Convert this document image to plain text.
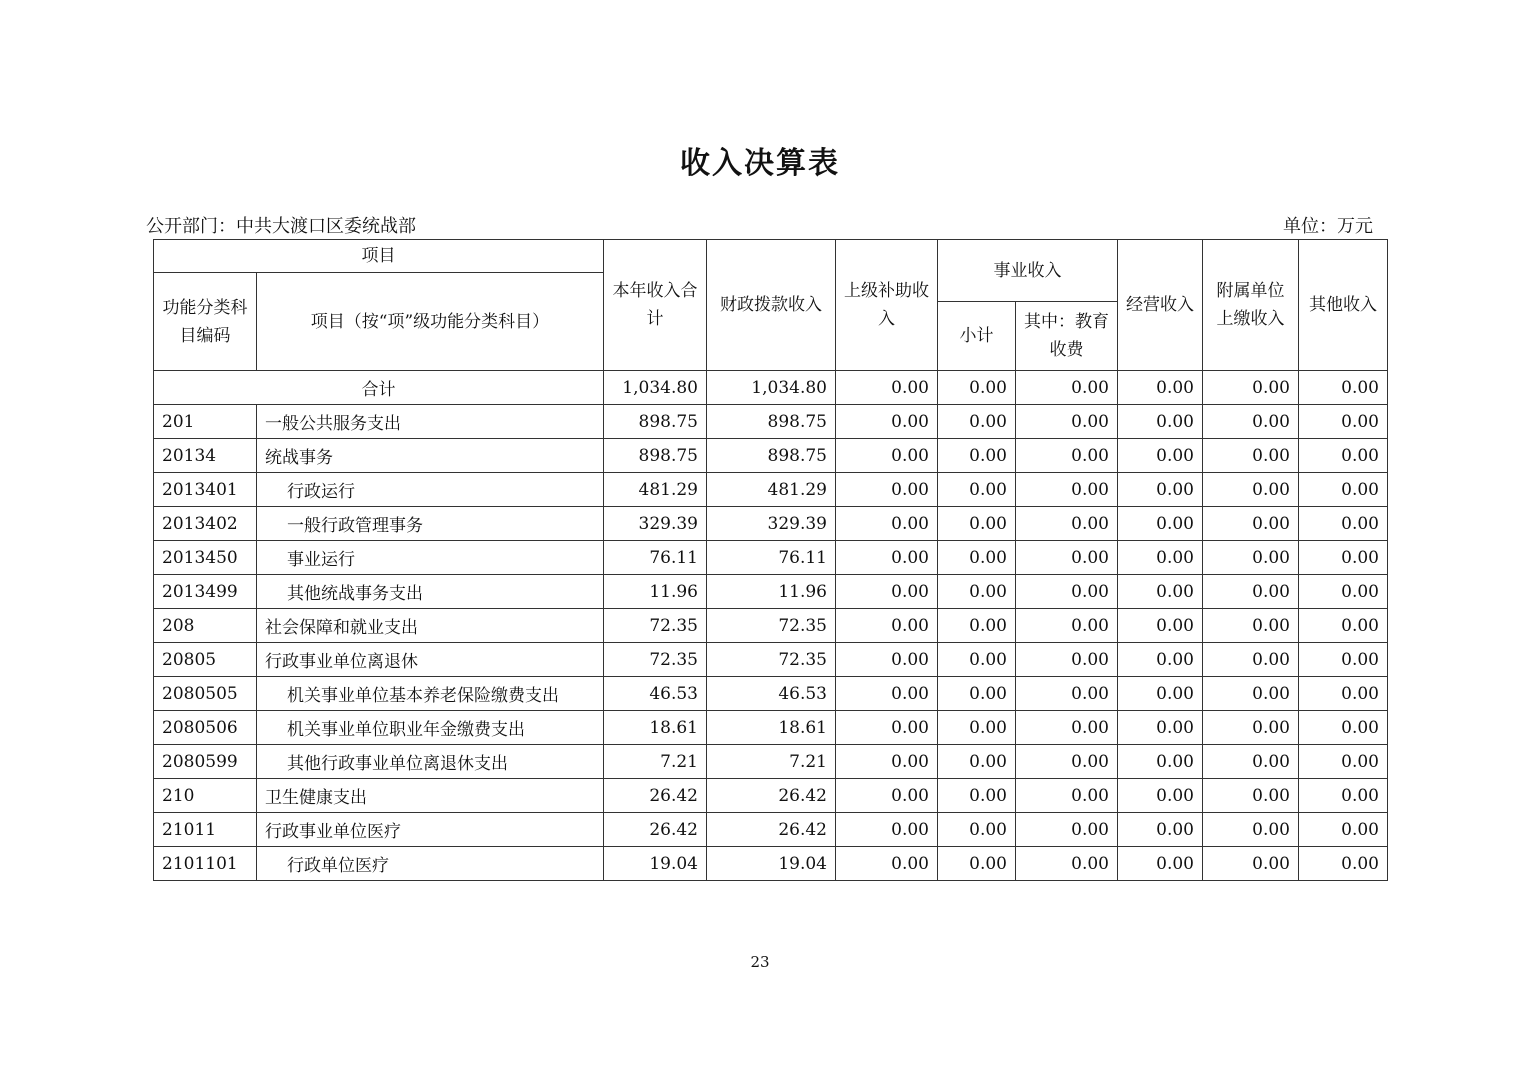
收入决算表
公开部门：中共大渡口区委统战部	单位：万元
项目		本年收入合计	财政拨款收入	上级补助收入	事业收入		经营收入	附属单位上缴收入	其他收入
功能分类科目编码	项目（按“项”级功能分类科目）								
					小计	其中：教育收费			
合计		1,034.80	1,034.80	0.00	0.00	0.00	0.00	0.00	0.00
201	一般公共服务支出	898.75	898.75	0.00	0.00	0.00	0.00	0.00	0.00
20134	统战事务	898.75	898.75	0.00	0.00	0.00	0.00	0.00	0.00
2013401	行政运行	481.29	481.29	0.00	0.00	0.00	0.00	0.00	0.00
2013402	一般行政管理事务	329.39	329.39	0.00	0.00	0.00	0.00	0.00	0.00
2013450	事业运行	76.11	76.11	0.00	0.00	0.00	0.00	0.00	0.00
2013499	其他统战事务支出	11.96	11.96	0.00	0.00	0.00	0.00	0.00	0.00
208	社会保障和就业支出	72.35	72.35	0.00	0.00	0.00	0.00	0.00	0.00
20805	行政事业单位离退休	72.35	72.35	0.00	0.00	0.00	0.00	0.00	0.00
2080505	机关事业单位基本养老保险缴费支出	46.53	46.53	0.00	0.00	0.00	0.00	0.00	0.00
2080506	机关事业单位职业年金缴费支出	18.61	18.61	0.00	0.00	0.00	0.00	0.00	0.00
2080599	其他行政事业单位离退休支出	7.21	7.21	0.00	0.00	0.00	0.00	0.00	0.00
210	卫生健康支出	26.42	26.42	0.00	0.00	0.00	0.00	0.00	0.00
21011	行政事业单位医疗	26.42	26.42	0.00	0.00	0.00	0.00	0.00	0.00
2101101	行政单位医疗	19.04	19.04	0.00	0.00	0.00	0.00	0.00	0.00
23
